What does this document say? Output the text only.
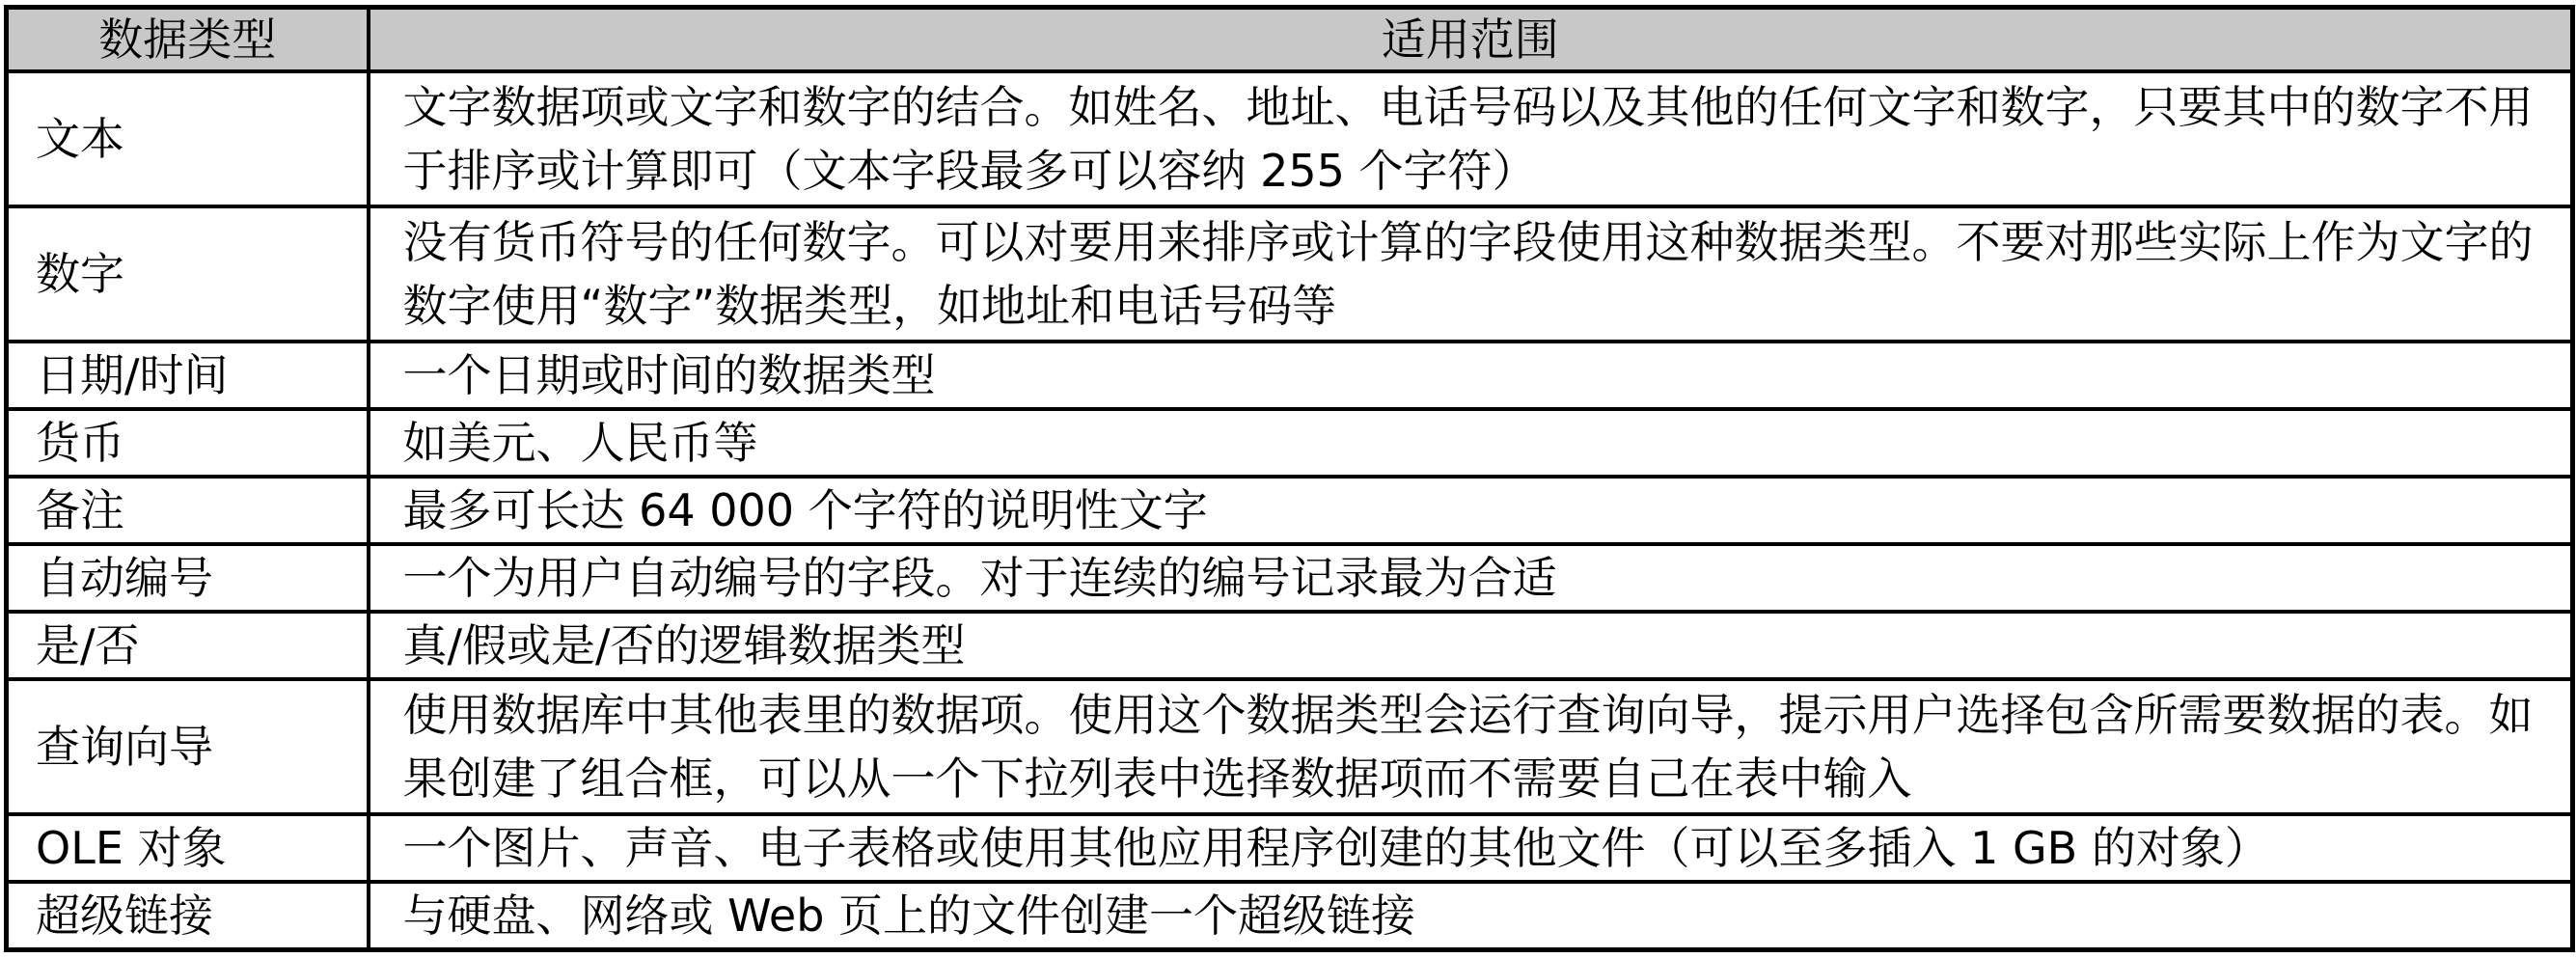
数据类型	适用范围
文本	文字数据项或文字和数字的结合。如姓名、地址、电话号码以及其他的任何文字和数字，只要其中的数字不用于排序或计算即可（文本字段最多可以容纳 255 个字符）
数字	没有货币符号的任何数字。可以对要用来排序或计算的字段使用这种数据类型。不要对那些实际上作为文字的数字使用“数字”数据类型，如地址和电话号码等
日期/时间	一个日期或时间的数据类型
货币	如美元、人民币等
备注	最多可长达 64 000 个字符的说明性文字
自动编号	一个为用户自动编号的字段。对于连续的编号记录最为合适
是/否	真/假或是/否的逻辑数据类型
查询向导	使用数据库中其他表里的数据项。使用这个数据类型会运行查询向导，提示用户选择包含所需要数据的表。如果创建了组合框，可以从一个下拉列表中选择数据项而不需要自己在表中输入
OLE 对象	一个图片、声音、电子表格或使用其他应用程序创建的其他文件（可以至多插入 1 GB 的对象）
超级链接	与硬盘、网络或 Web 页上的文件创建一个超级链接
